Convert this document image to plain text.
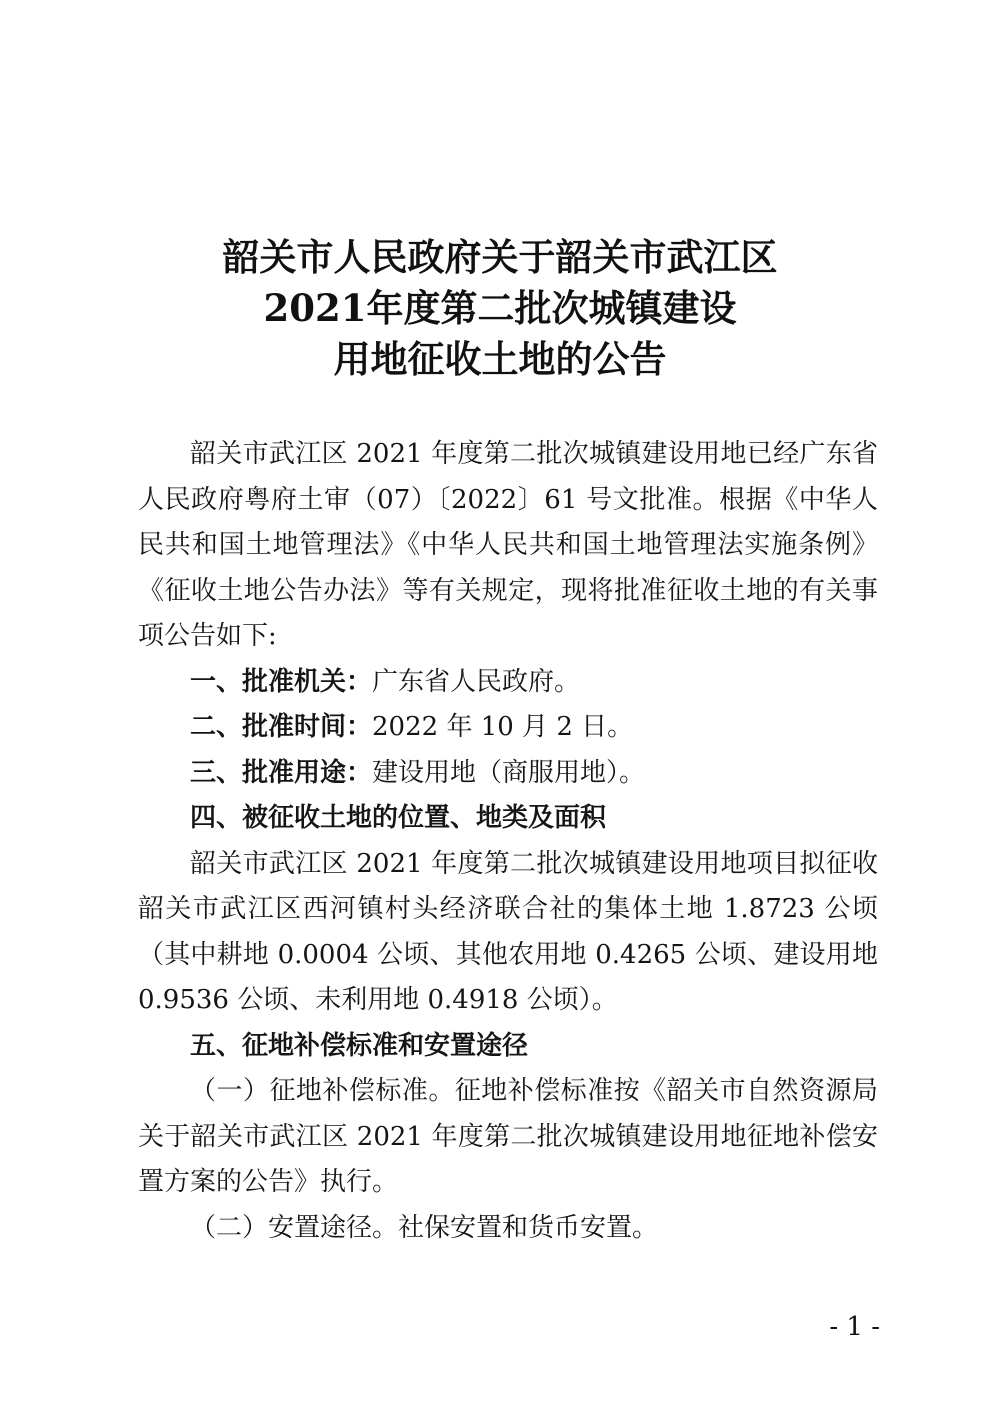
韶关市人民政府关于韶关市武江区
2021年度第二批次城镇建设
用地征收土地的公告

韶关市武江区 2021 年度第二批次城镇建设用地已经广东省人民政府粤府土审（07）〔2022〕61 号文批准。根据《中华人民共和国土地管理法》《中华人民共和国土地管理法实施条例》《征收土地公告办法》等有关规定，现将批准征收土地的有关事项公告如下:

一、批准机关：广东省人民政府。

二、批准时间：2022 年 10 月 2 日。

三、批准用途：建设用地（商服用地）。

四、被征收土地的位置、地类及面积

韶关市武江区 2021 年度第二批次城镇建设用地项目拟征收韶关市武江区西河镇村头经济联合社的集体土地 1.8723 公顷（其中耕地 0.0004 公顷、其他农用地 0.4265 公顷、建设用地 0.9536 公顷、未利用地 0.4918 公顷）。

五、征地补偿标准和安置途径

（一）征地补偿标准。征地补偿标准按《韶关市自然资源局关于韶关市武江区 2021 年度第二批次城镇建设用地征地补偿安置方案的公告》执行。

（二）安置途径。社保安置和货币安置。

- 1 -
